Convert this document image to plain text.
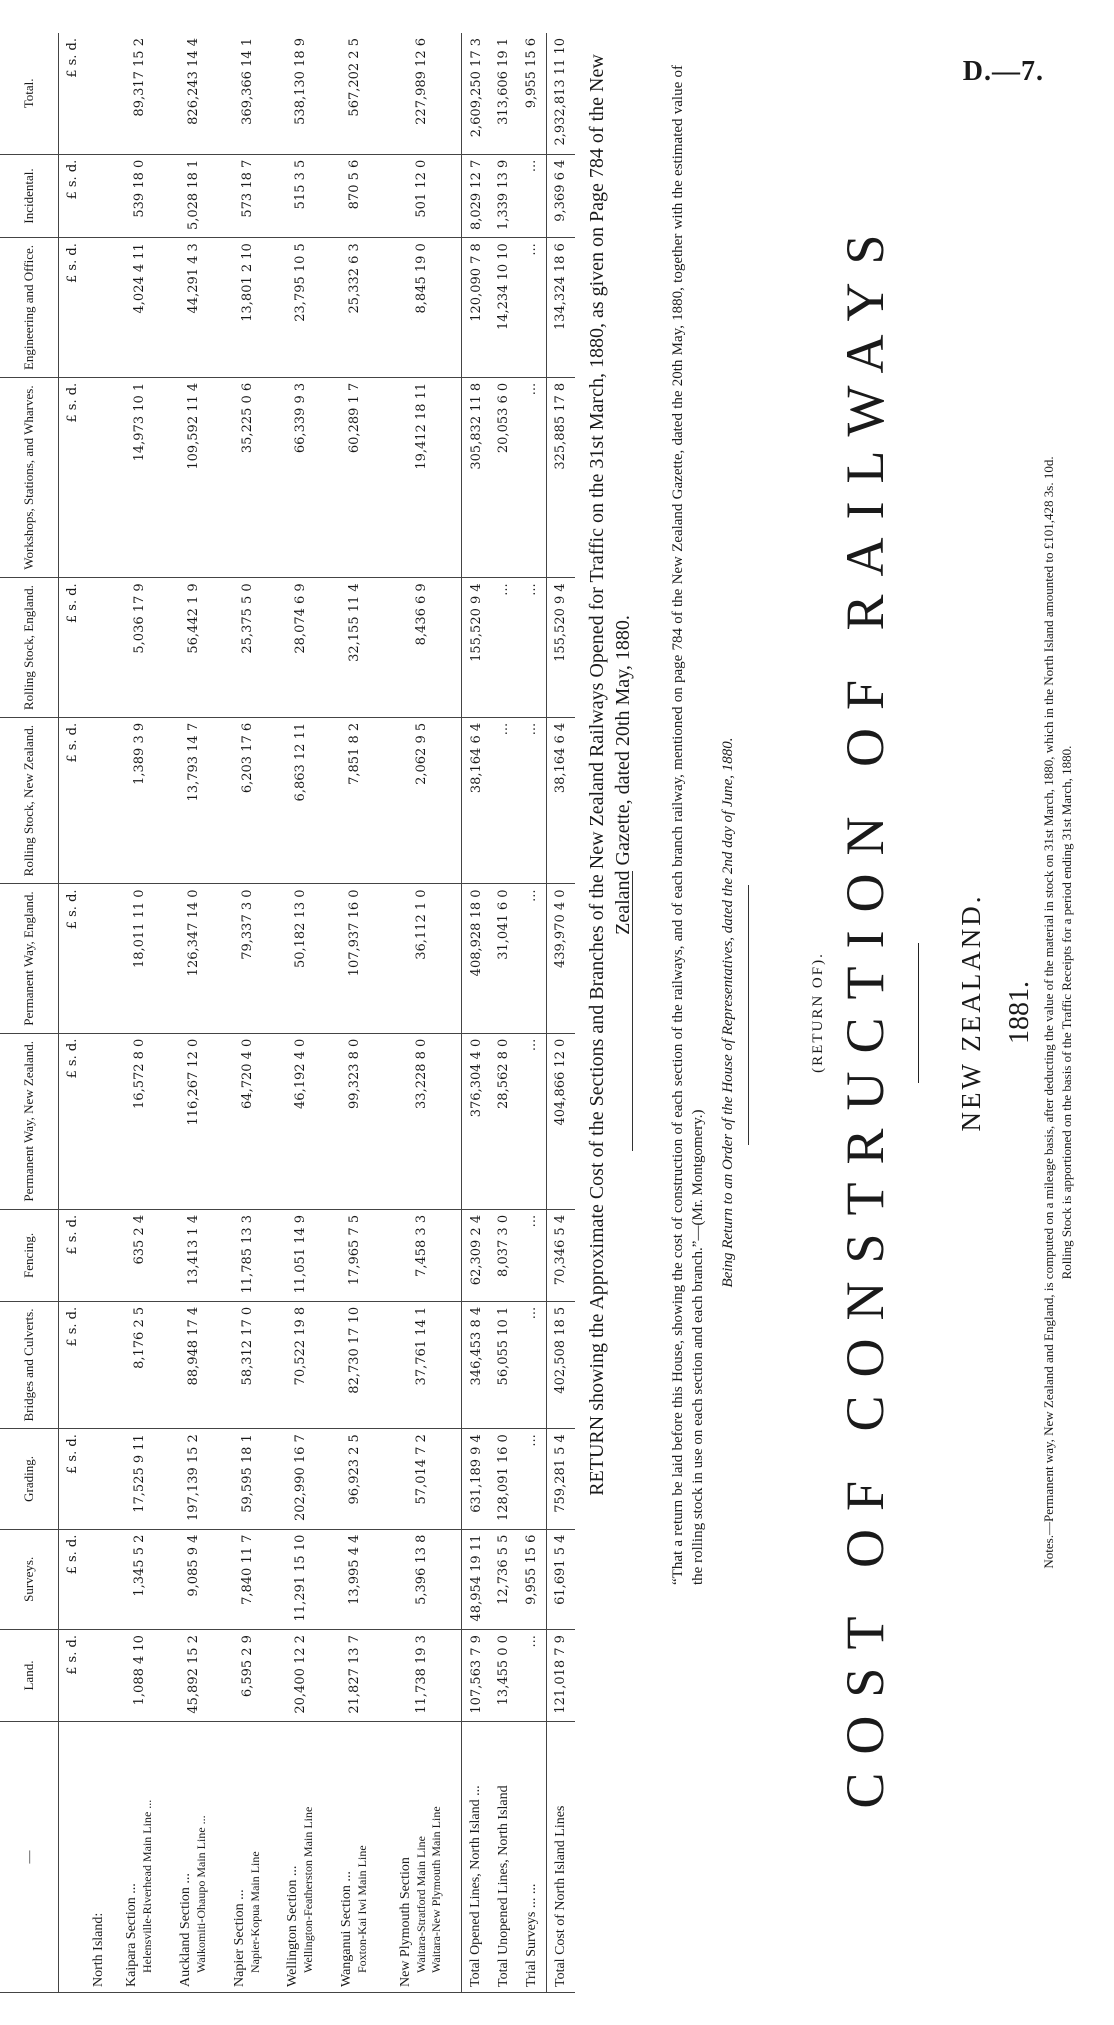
D.—7.
1881.
NEW ZEALAND.
COST OF CONSTRUCTION OF RAILWAYS
(RETURN OF).
Being Return to an Order of the House of Representatives, dated the 2nd day of June, 1880.
“That a return be laid before this House, showing the cost of construction of each section of the railways, and of each branch railway, mentioned on page 784 of the New Zealand Gazette, dated the 20th May, 1880, together with the estimated value of the rolling stock in use on each section and each branch.”—(Mr. Montgomery.)
RETURN showing the Approximate Cost of the Sections and Branches of the New Zealand Railways Opened for Traffic on the 31st March, 1880, as given on Page 784 of the New Zealand Gazette, dated 20th May, 1880.
—	Land.	Surveys.	Grading.	Bridges and Culverts.	Fencing.	Permanent Way, New Zealand.	Permanent Way, England.	Rolling Stock, New Zealand.	Rolling Stock, England.	Workshops, Stations, and Wharves.	Engineering and Office.	Incidental.	Total.
	£ s. d.	£ s. d.	£ s. d.	£ s. d.	£ s. d.	£ s. d.	£ s. d.	£ s. d.	£ s. d.	£ s. d.	£ s. d.	£ s. d.	£ s. d.
North Island:													

Kaipara Section ... Helensville-Riverhead Main Line ...	1,088 4 10	1,345 5 2	17,525 9 11	8,176 2 5	635 2 4	16,572 8 0	18,011 11 0	1,389 3 9	5,036 17 9	14,973 10 1	4,024 4 11	539 18 0	89,317 15 2

Auckland Section ... Waikomiti-Ohaupo Main Line ...	45,892 15 2	9,085 9 4	197,139 15 2	88,948 17 4	13,413 1 4	116,267 12 0	126,347 14 0	13,793 14 7	56,442 1 9	109,592 11 4	44,291 4 3	5,028 18 1	826,243 14 4

Napier Section ... Napier-Kopua Main Line	6,595 2 9	7,840 11 7	59,595 18 1	58,312 17 0	11,785 13 3	64,720 4 0	79,337 3 0	6,203 17 6	25,375 5 0	35,225 0 6	13,801 2 10	573 18 7	369,366 14 1

Wellington Section ... Wellington-Featherston Main Line	20,400 12 2	11,291 15 10	202,990 16 7	70,522 19 8	11,051 14 9	46,192 4 0	50,182 13 0	6,863 12 11	28,074 6 9	66,339 9 3	23,795 10 5	515 3 5	538,130 18 9

Wanganui Section ... Foxton-Kai Iwi Main Line	21,827 13 7	13,995 4 4	96,923 2 5	82,730 17 10	17,965 7 5	99,323 8 0	107,937 16 0	7,851 8 2	32,155 11 4	60,289 1 7	25,332 6 3	870 5 6	567,202 2 5

New Plymouth Section Waitara-Stratford Main Line Waitara-New Plymouth Main Line	11,738 19 3	5,396 13 8	57,014 7 2	37,761 14 1	7,458 3 3	33,228 8 0	36,112 1 0	2,062 9 5	8,436 6 9	19,412 18 11	8,845 19 0	501 12 0	227,989 12 6
Total Opened Lines, North Island ...	107,563 7 9	48,954 19 11	631,189 9 4	346,453 8 4	62,309 2 4	376,304 4 0	408,928 18 0	38,164 6 4	155,520 9 4	305,832 11 8	120,090 7 8	8,029 12 7	2,609,250 17 3
Total Unopened Lines, North Island	13,455 0 0	12,736 5 5	128,091 16 0	56,055 10 1	8,037 3 0	28,562 8 0	31,041 6 0	...	...	20,053 6 0	14,234 10 10	1,339 13 9	313,606 19 1
Trial Surveys ... ...	...	9,955 15 6	...	...	...	...	...	...	...	...	...	...	9,955 15 6
Total Cost of North Island Lines	121,018 7 9	61,691 5 4	759,281 5 4	402,508 18 5	70,346 5 4	404,866 12 0	439,970 4 0	38,164 6 4	155,520 9 4	325,885 17 8	134,324 18 6	9,369 6 4	2,932,813 11 10
Notes.—Permanent way, New Zealand and England, is computed on a mileage basis, after deducting the value of the material in stock on 31st March, 1880, which in the North Island amounted to £101,428 3s. 10d. Rolling Stock is apportioned on the basis of the Traffic Receipts for a period ending 31st March, 1880.
